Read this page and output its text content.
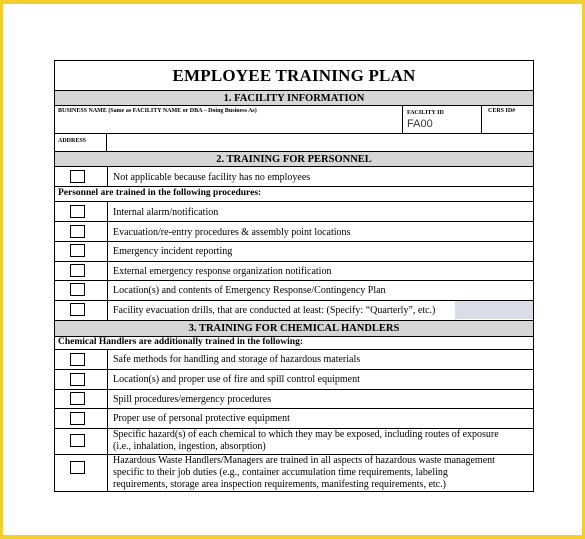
EMPLOYEE TRAINING PLAN
1. FACILITY INFORMATION
BUSINESS NAME (Same as FACILITY NAME or DBA – Doing Business As)	FACILITY ID
FA00
CERS ID#
ADDRESS
2. TRAINING FOR PERSONNEL
Not applicable because facility has no employees
Personnel are trained in the following procedures:
Internal alarm/notification
Evacuation/re-entry procedures & assembly point locations
Emergency incident reporting
External emergency response organization notification
Location(s) and contents of Emergency Response/Contingency Plan
Facility evacuation drills, that are conducted at least: (Specify: “Quarterly”, etc.)
3. TRAINING FOR CHEMICAL HANDLERS
Chemical Handlers are additionally trained in the following:
Safe methods for handling and storage of hazardous materials
Location(s) and proper use of fire and spill control equipment
Spill procedures/emergency procedures
Proper use of personal protective equipment
Specific hazard(s) of each chemical to which they may be exposed, including routes of exposure
(i.e., inhalation, ingestion, absorption)
Hazardous Waste Handlers/Managers are trained in all aspects of hazardous waste management
specific to their job duties (e.g., container accumulation time requirements, labeling
requirements, storage area inspection requirements, manifesting requirements, etc.)
